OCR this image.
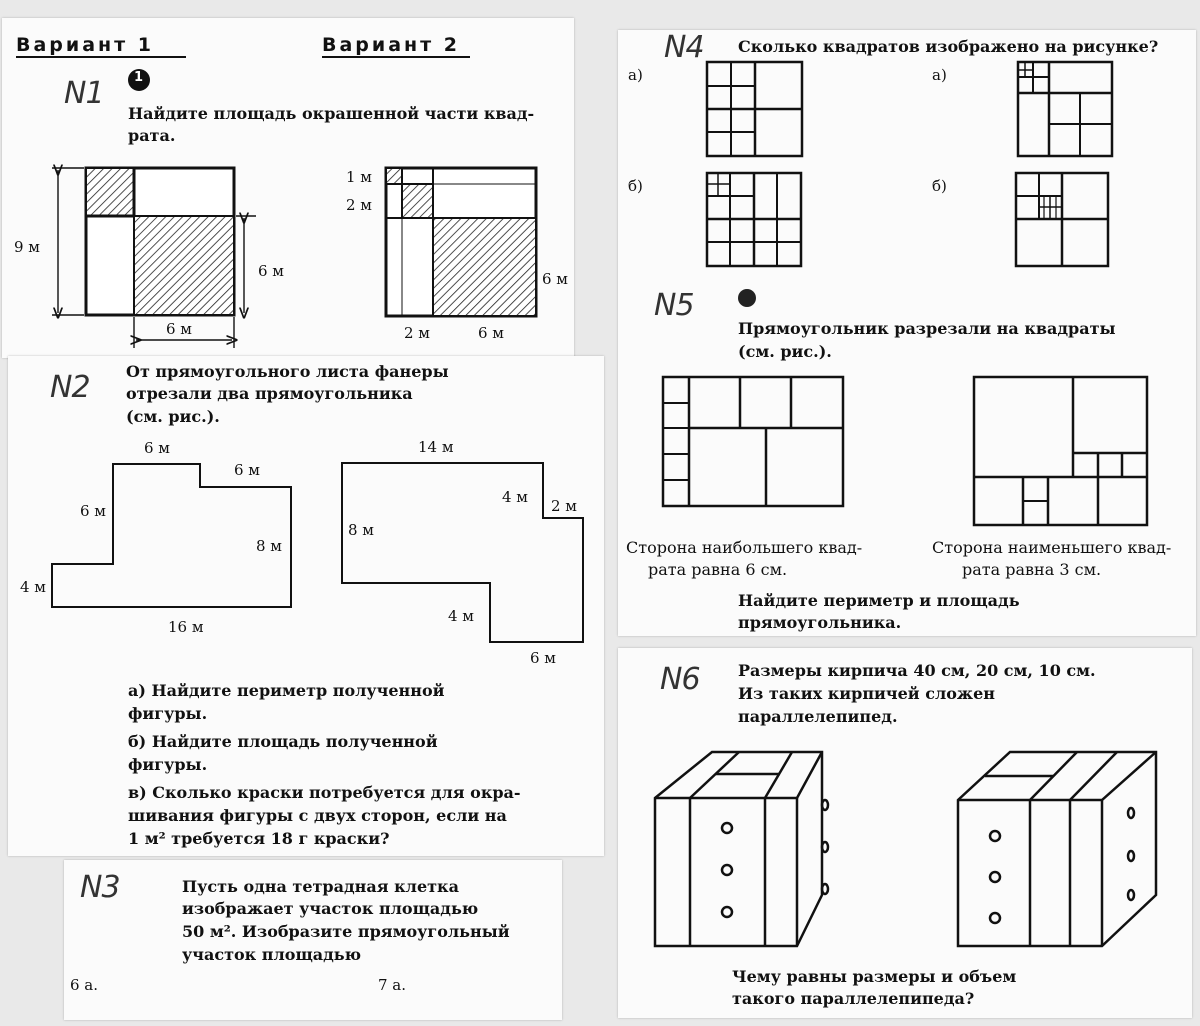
Вариант 1	Вариант 2
N1 1
Найдите площадь окрашенной части квад-
рата.
9 м
6 м
6 м
1 м
2 м
6 м
2 м	6 м
N2 От прямоугольного листа фанеры
отрезали два прямоугольника
(см. рис.).
6 м
6 м
6 м
8 м
4 м
16 м
14 м
4 м 2 м
8 м
4 м
6 м
а) Найдите периметр полученной
фигуры.
б) Найдите площадь полученной
фигуры.
в) Сколько краски потребуется для окра-
шивания фигуры с двух сторон, если на
1 м² требуется 18 г краски?
N3	Пусть одна тетрадная клетка
изображает участок площадью
50 м². Изобразите прямоугольный
участок площадью
6 а.	7 а.
N4 Сколько квадратов изображено на рисунке?
а)	а)
б)	б)
N5
Прямоугольник разрезали на квадраты
(см. рис.).
Сторона наибольшего квад-
рата равна 6 см.
Сторона наименьшего квад-
рата равна 3 см.
Найдите периметр и площадь
прямоугольника.
N6 Размеры кирпича 40 см, 20 см, 10 см.
Из таких кирпичей сложен
параллелепипед.
Чему равны размеры и объем
такого параллелепипеда?
